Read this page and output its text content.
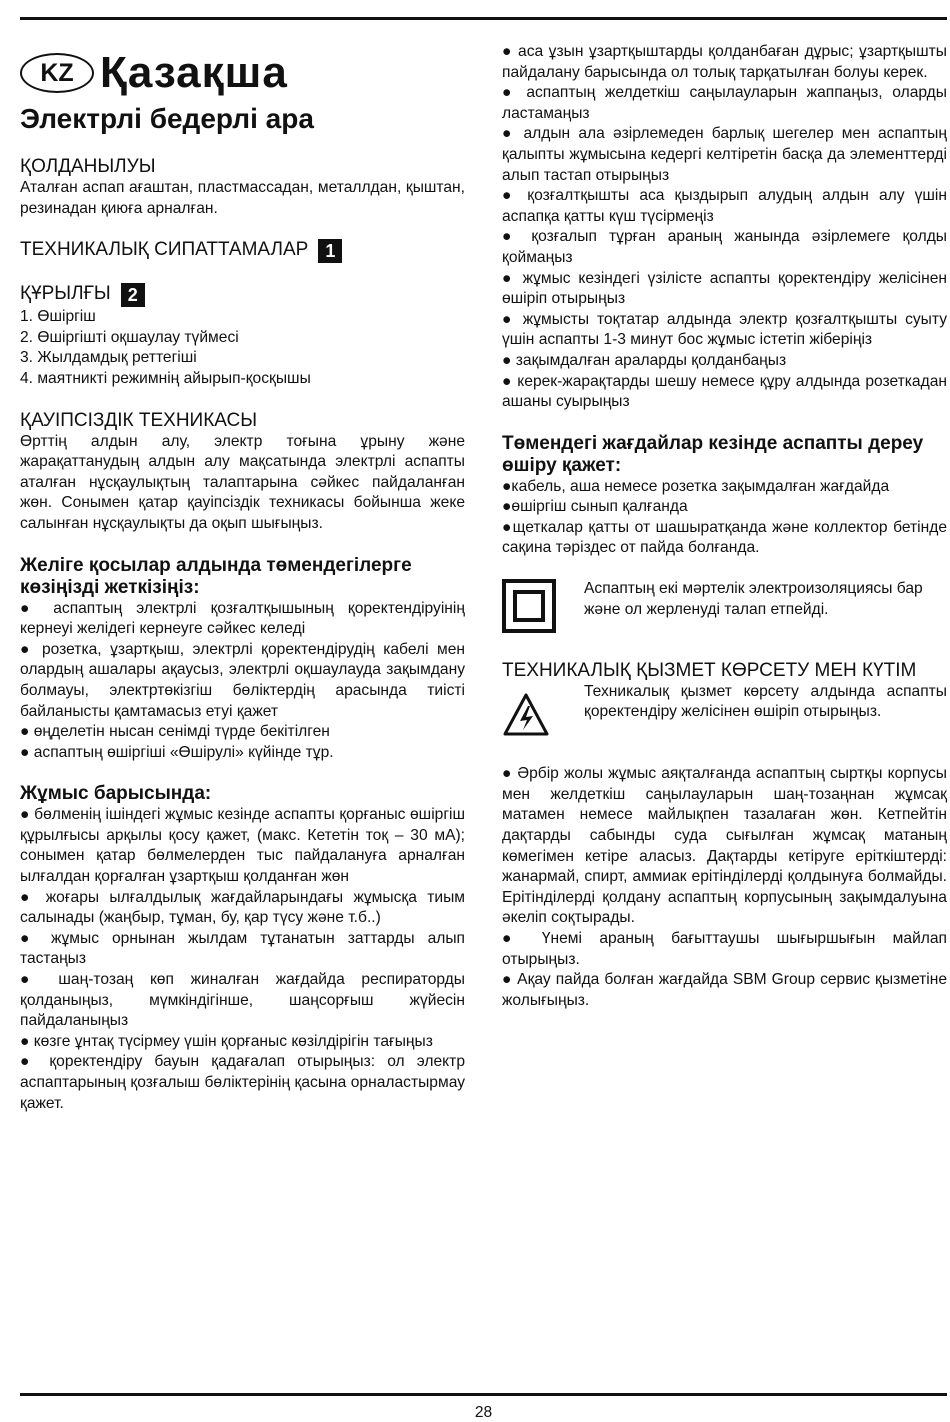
KZ Қазақша
Электрлі бедерлі ара
ҚОЛДАНЫЛУЫ

Аталған аспап ағаштан, пластмассадан, металлдан, қыштан, резинадан қиюға арналған.

ТЕХНИКАЛЫҚ СИПАТТАМАЛАР 1
ҚҰРЫЛҒЫ 2

1. Өшіргіш

2. Өшіргішті оқшаулау түймесі

3. Жылдамдық реттегіші

4. маятникті режимнің айырып-қосқышы

ҚАУІПСІЗДІК ТЕХНИКАСЫ

Өрттің алдын алу, электр тоғына ұрыну және жарақаттанудың алдын алу мақсатында электрлі аспапты аталған нұсқаулықтың талаптарына сәйкес пайдаланған жөн. Сонымен қатар қауіпсіздік техникасы бойынша жеке салынған нұсқаулықты да оқып шығыңыз.

Желіге қосылар алдында төмендегілерге көзіңізді жеткізіңіз:

● аспаптың электрлі қозғалтқышының қоректендіруінің кернеуі желідегі кернеуге сәйкес келеді

● розетка, ұзартқыш, электрлі қоректендірудің кабелі мен олардың ашалары ақаусыз, электрлі оқшаулауда зақымдану болмауы, электртөкізгіш бөліктердің арасында тиісті байланысты қамтамасыз етуі қажет

● өңделетін нысан сенімді түрде бекітілген

● аспаптың өшіргіші «Өшірулі» күйінде тұр.

Жұмыс барысында:

● бөлменің ішіндегі жұмыс кезінде аспапты қорғаныс өшіргіш құрылғысы арқылы қосу қажет, (макс. Кететін тоқ – 30 мА); сонымен қатар бөлмелерден тыс пайдалануға арналған ылғалдан қорғалған ұзартқыш қолданған жөн

● жоғары ылғалдылық жағдайларындағы жұмысқа тиым салынады (жаңбыр, тұман, бу, қар түсу және т.б..)

● жұмыс орнынан жылдам тұтанатын заттарды алып тастаңыз

● шаң-тозаң көп жиналған жағдайда респираторды қолданыңыз, мүмкіндігінше, шаңсорғыш жүйесін пайдаланыңыз

● көзге ұнтақ түсірмеу үшін қорғаныс көзілдірігін тағыңыз

● қоректендіру бауын қадағалап отырыңыз: ол электр аспаптарының қозғалыш бөліктерінің қасына орналастырмау қажет.

● аса ұзын ұзартқыштарды қолданбаған дұрыс; ұзартқышты пайдалану барысында ол толық тарқатылған болуы керек.

● аспаптың желдеткіш саңылауларын жаппаңыз, оларды ластамаңыз

● алдын ала әзірлемеден барлық шегелер мен аспаптың қалыпты жұмысына кедергі келтіретін басқа да элементтерді алып тастап отырыңыз

● қозғалтқышты аса қыздырып алудың алдын алу үшін аспапқа қатты күш түсірмеңіз

● қозғалып тұрған араның жанында әзірлемеге қолды қоймаңыз

● жұмыс кезіндегі үзілісте аспапты қоректендіру желісінен өшіріп отырыңыз

● жұмысты тоқтатар алдында электр қозғалтқышты суыту үшін аспапты 1-3 минут бос жұмыс істетіп жіберіңіз

● зақымдалған араларды қолданбаңыз

● керек-жарақтарды шешу немесе құру алдында розеткадан ашаны суырыңыз

Төмендегі жағдайлар кезінде аспапты дереу өшіру қажет:

●кабель, аша немесе розетка зақымдалған жағдайда

●өшіргіш сынып қалғанда

●щеткалар қатты от шашыратқанда және коллектор бетінде сақина тәріздес от пайда болғанда.

Аспаптың екі мәртелік электроизоляциясы бар және ол жерленуді талап етпейді.

ТЕХНИКАЛЫҚ ҚЫЗМЕТ КӨРСЕТУ МЕН КҮТІМ

Техникалық қызмет көрсету алдында аспапты қоректендіру желісінен өшіріп отырыңыз.

● Әрбір жолы жұмыс аяқталғанда аспаптың сыртқы корпусы мен желдеткіш саңылауларын шаң-тозаңнан жұмсақ матамен немесе майлықпен тазалаған жөн. Кетпейтін дақтарды сабынды суда сығылған жұмсақ матаның көмегімен кетіре аласыз. Дақтарды кетіруге еріткіштерді: жанармай, спирт, аммиак ерітінділерді қолдынуға болмайды. Ерітінділерді қолдану аспаптың корпусының зақымдалуына әкеліп соқтырады.

● Үнемі араның бағыттаушы шығыршығын майлап отырыңыз.

● Ақау пайда болған жағдайда SBM Group сервис қызметіне жолығыңыз.

28
